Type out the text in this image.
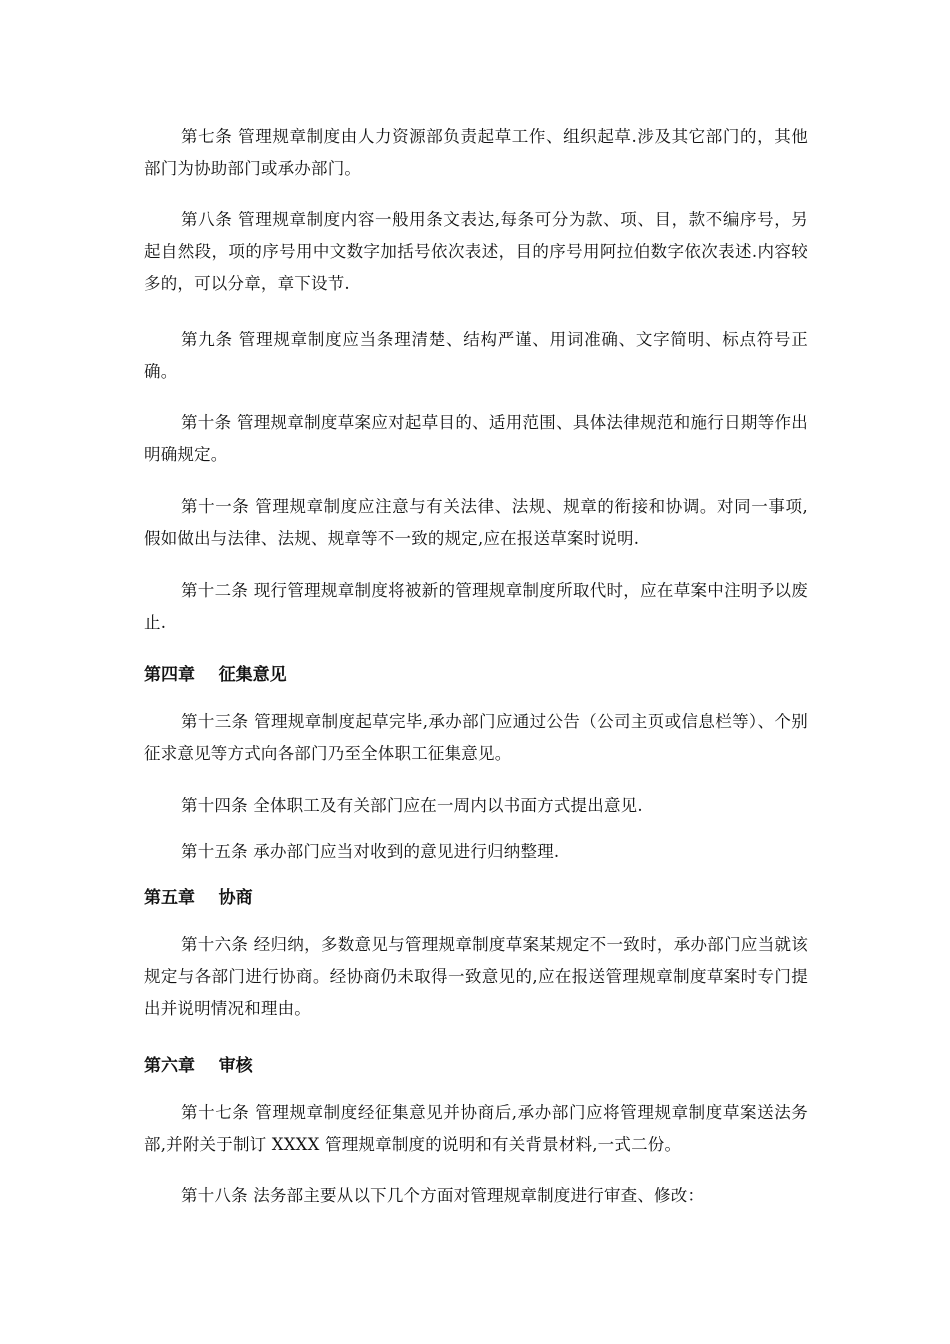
第七条 管理规章制度由人力资源部负责起草工作、组织起草.涉及其它部门的，其他部门为协助部门或承办部门。

第八条 管理规章制度内容一般用条文表达,每条可分为款、项、目，款不编序号，另起自然段，项的序号用中文数字加括号依次表述，目的序号用阿拉伯数字依次表述.内容较多的，可以分章，章下设节.

第九条 管理规章制度应当条理清楚、结构严谨、用词准确、文字简明、标点符号正确。

第十条 管理规章制度草案应对起草目的、适用范围、具体法律规范和施行日期等作出明确规定。

第十一条 管理规章制度应注意与有关法律、法规、规章的衔接和协调。对同一事项,假如做出与法律、法规、规章等不一致的规定,应在报送草案时说明.

第十二条 现行管理规章制度将被新的管理规章制度所取代时，应在草案中注明予以废止.

第四章    征集意见

第十三条 管理规章制度起草完毕,承办部门应通过公告（公司主页或信息栏等）、个别征求意见等方式向各部门乃至全体职工征集意见。

第十四条 全体职工及有关部门应在一周内以书面方式提出意见.

第十五条 承办部门应当对收到的意见进行归纳整理.

第五章    协商

第十六条 经归纳，多数意见与管理规章制度草案某规定不一致时，承办部门应当就该规定与各部门进行协商。经协商仍未取得一致意见的,应在报送管理规章制度草案时专门提出并说明情况和理由。

第六章    审核

第十七条 管理规章制度经征集意见并协商后,承办部门应将管理规章制度草案送法务部,并附关于制订 XXXX 管理规章制度的说明和有关背景材料,一式二份。

第十八条 法务部主要从以下几个方面对管理规章制度进行审查、修改：
